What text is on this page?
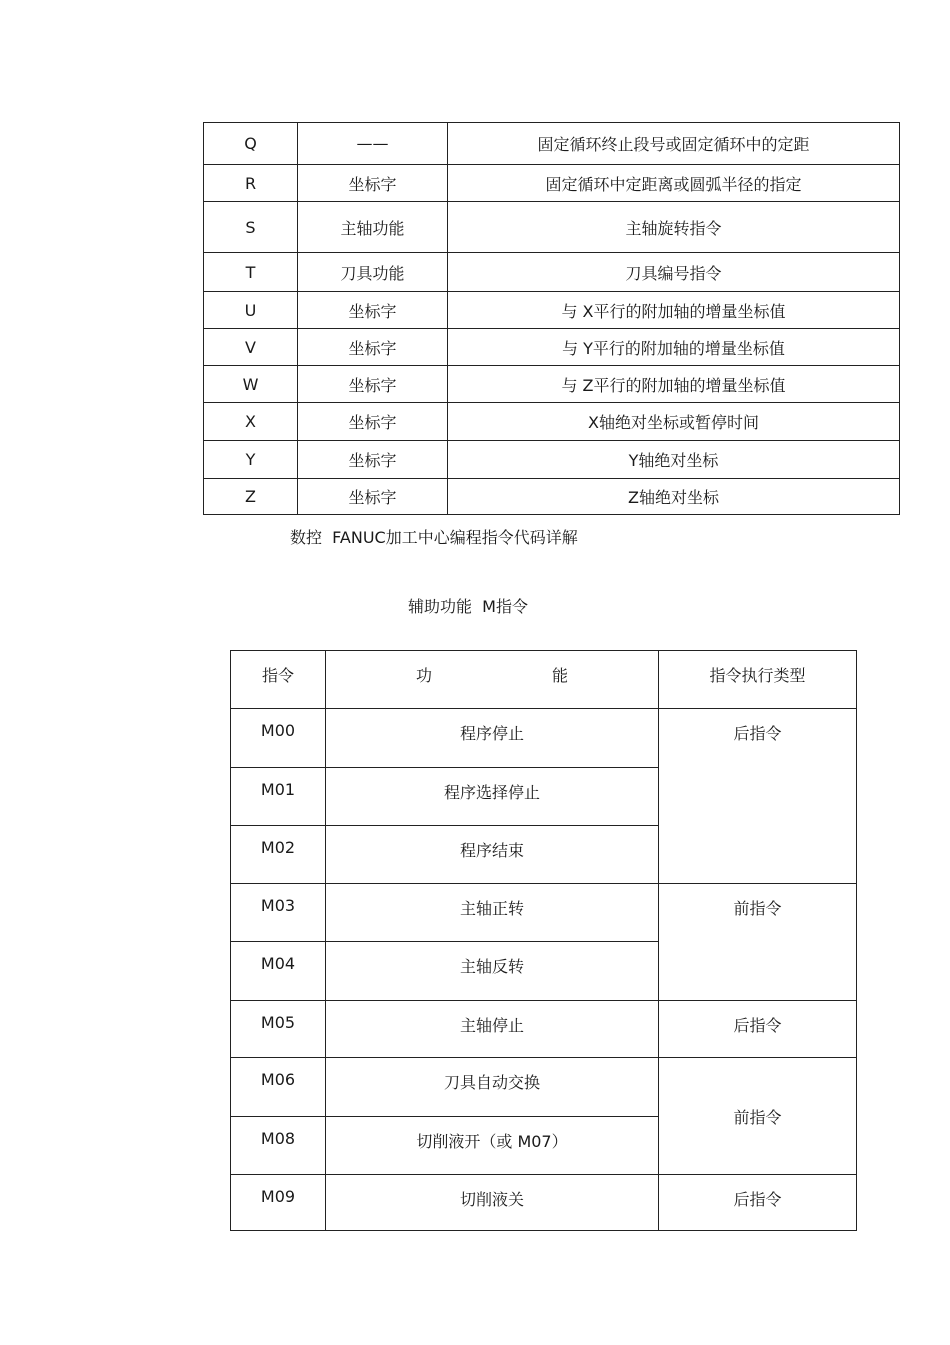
Q	——	固定循环终止段号或固定循环中的定距
R	坐标字	固定循环中定距离或圆弧半径的指定
S	主轴功能	主轴旋转指令
T	刀具功能	刀具编号指令
U	坐标字	与 X平行的附加轴的增量坐标值
V	坐标字	与 Y平行的附加轴的增量坐标值
W	坐标字	与 Z平行的附加轴的增量坐标值
X	坐标字	X轴绝对坐标或暂停时间
Y	坐标字	Y轴绝对坐标
Z	坐标字	Z轴绝对坐标
数控  FANUC加工中心编程指令代码详解
辅助功能  M指令
指令	功 能	指令执行类型
M00	程序停止	后指令
M01	程序选择停止	
M02	程序结束	
M03	主轴正转	前指令
M04	主轴反转	
M05	主轴停止	后指令
M06	刀具自动交换	前指令
M08	切削液开（或 M07）	
M09	切削液关	后指令
